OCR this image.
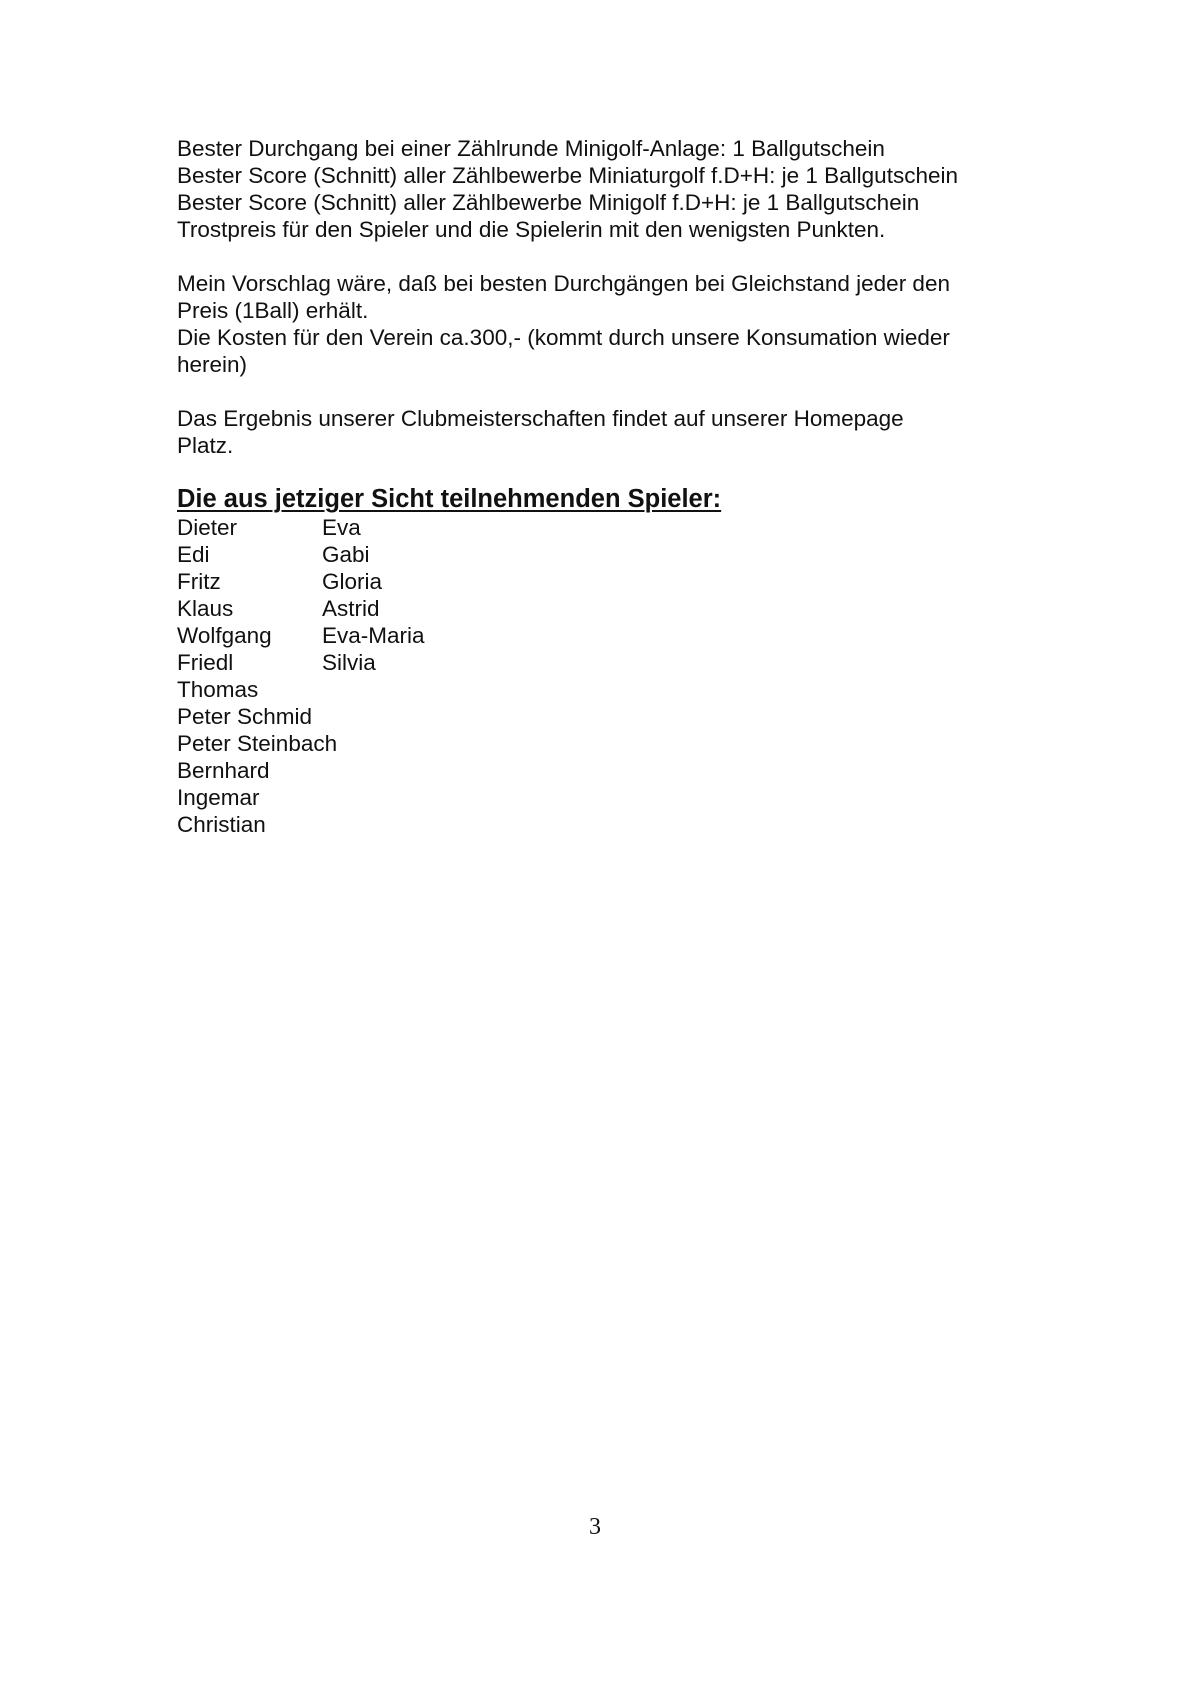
Bester Durchgang bei einer Zählrunde Minigolf-Anlage: 1 Ballgutschein
Bester Score (Schnitt) aller Zählbewerbe Miniaturgolf f.D+H: je 1 Ballgutschein
Bester Score (Schnitt) aller Zählbewerbe Minigolf f.D+H: je 1 Ballgutschein
Trostpreis für den Spieler und die Spielerin mit den wenigsten Punkten.
Mein Vorschlag wäre, daß bei besten Durchgängen bei Gleichstand jeder den
Preis (1Ball) erhält.
Die Kosten für den Verein ca.300,- (kommt durch unsere Konsumation wieder
herein)
Das Ergebnis unserer Clubmeisterschaften findet auf unserer Homepage
Platz.
Die aus jetziger Sicht teilnehmenden Spieler:
Dieter	Eva
Edi	Gabi
Fritz	Gloria
Klaus	Astrid
Wolfgang	Eva-Maria
Friedl	Silvia
Thomas
Peter Schmid
Peter Steinbach
Bernhard
Ingemar
Christian
3
